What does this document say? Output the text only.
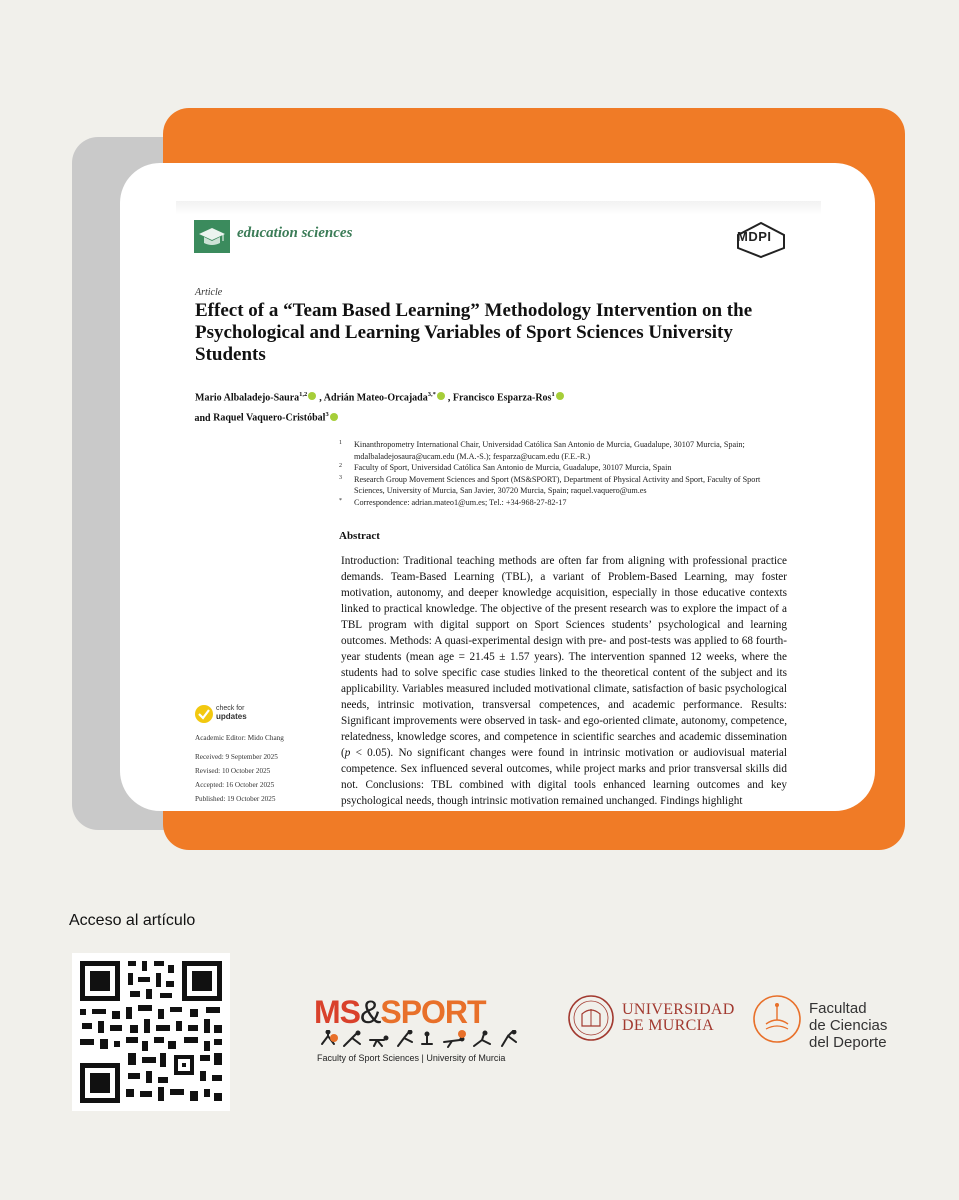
education sciences	MDPI
Article
Effect of a “Team Based Learning” Methodology Intervention on the Psychological and Learning Variables of Sport Sciences University Students
Mario Albaladejo-Saura$^{1,2}$ , Adrián Mateo-Orcajada$^{3,*}$ , Francisco Esparza-Ros$^1$
and Raquel Vaquero-Cristóbal$^3$
1 Kinanthropometry International Chair, Universidad Católica San Antonio de Murcia, Guadalupe, 30107 Murcia, Spain; mdalbaladejosaura@ucam.edu (M.A.-S.); fesparza@ucam.edu (F.E.-R.)
2 Faculty of Sport, Universidad Católica San Antonio de Murcia, Guadalupe, 30107 Murcia, Spain
3 Research Group Movement Sciences and Sport (MS&SPORT), Department of Physical Activity and Sport, Faculty of Sport Sciences, University of Murcia, San Javier, 30720 Murcia, Spain; raquel.vaquero@um.es
* Correspondence: adrian.mateo1@um.es; Tel.: +34-968-27-82-17
Abstract
Introduction: Traditional teaching methods are often far from aligning with professional practice demands. Team-Based Learning (TBL), a variant of Problem-Based Learning, may foster motivation, autonomy, and deeper knowledge acquisition, especially in those educative contexts linked to practical knowledge. The objective of the present research was to explore the impact of a TBL program with digital support on Sport Sciences students’ psychological and learning outcomes. Methods: A quasi-experimental design with pre- and post-tests was applied to 68 fourth-year students (mean age = 21.45 ± 1.57 years). The intervention spanned 12 weeks, where the students had to solve specific case studies linked to the theoretical content of the subject and its applicability. Variables measured included motivational climate, satisfaction of basic psychological needs, intrinsic motivation, transversal competences, and academic performance. Results: Significant improvements were observed in task- and ego-oriented climate, autonomy, competence, relatedness, knowledge scores, and competence in scientific searches and academic dissemination (p < 0.05). No significant changes were found in intrinsic motivation or audiovisual material competence. Sex influenced several outcomes, while project marks and prior transversal skills did not. Conclusions: TBL combined with digital tools enhanced learning outcomes and key psychological needs, though intrinsic motivation remained unchanged. Findings highlight
check for
updates
Academic Editor: Mido Chang
Received: 9 September 2025
Revised: 10 October 2025
Accepted: 16 October 2025
Published: 19 October 2025
Acceso al artículo
MS&SPORT
Faculty of Sport Sciences | University of Murcia
UNIVERSIDAD
DE MURCIA
Facultad
de Ciencias
del Deporte
